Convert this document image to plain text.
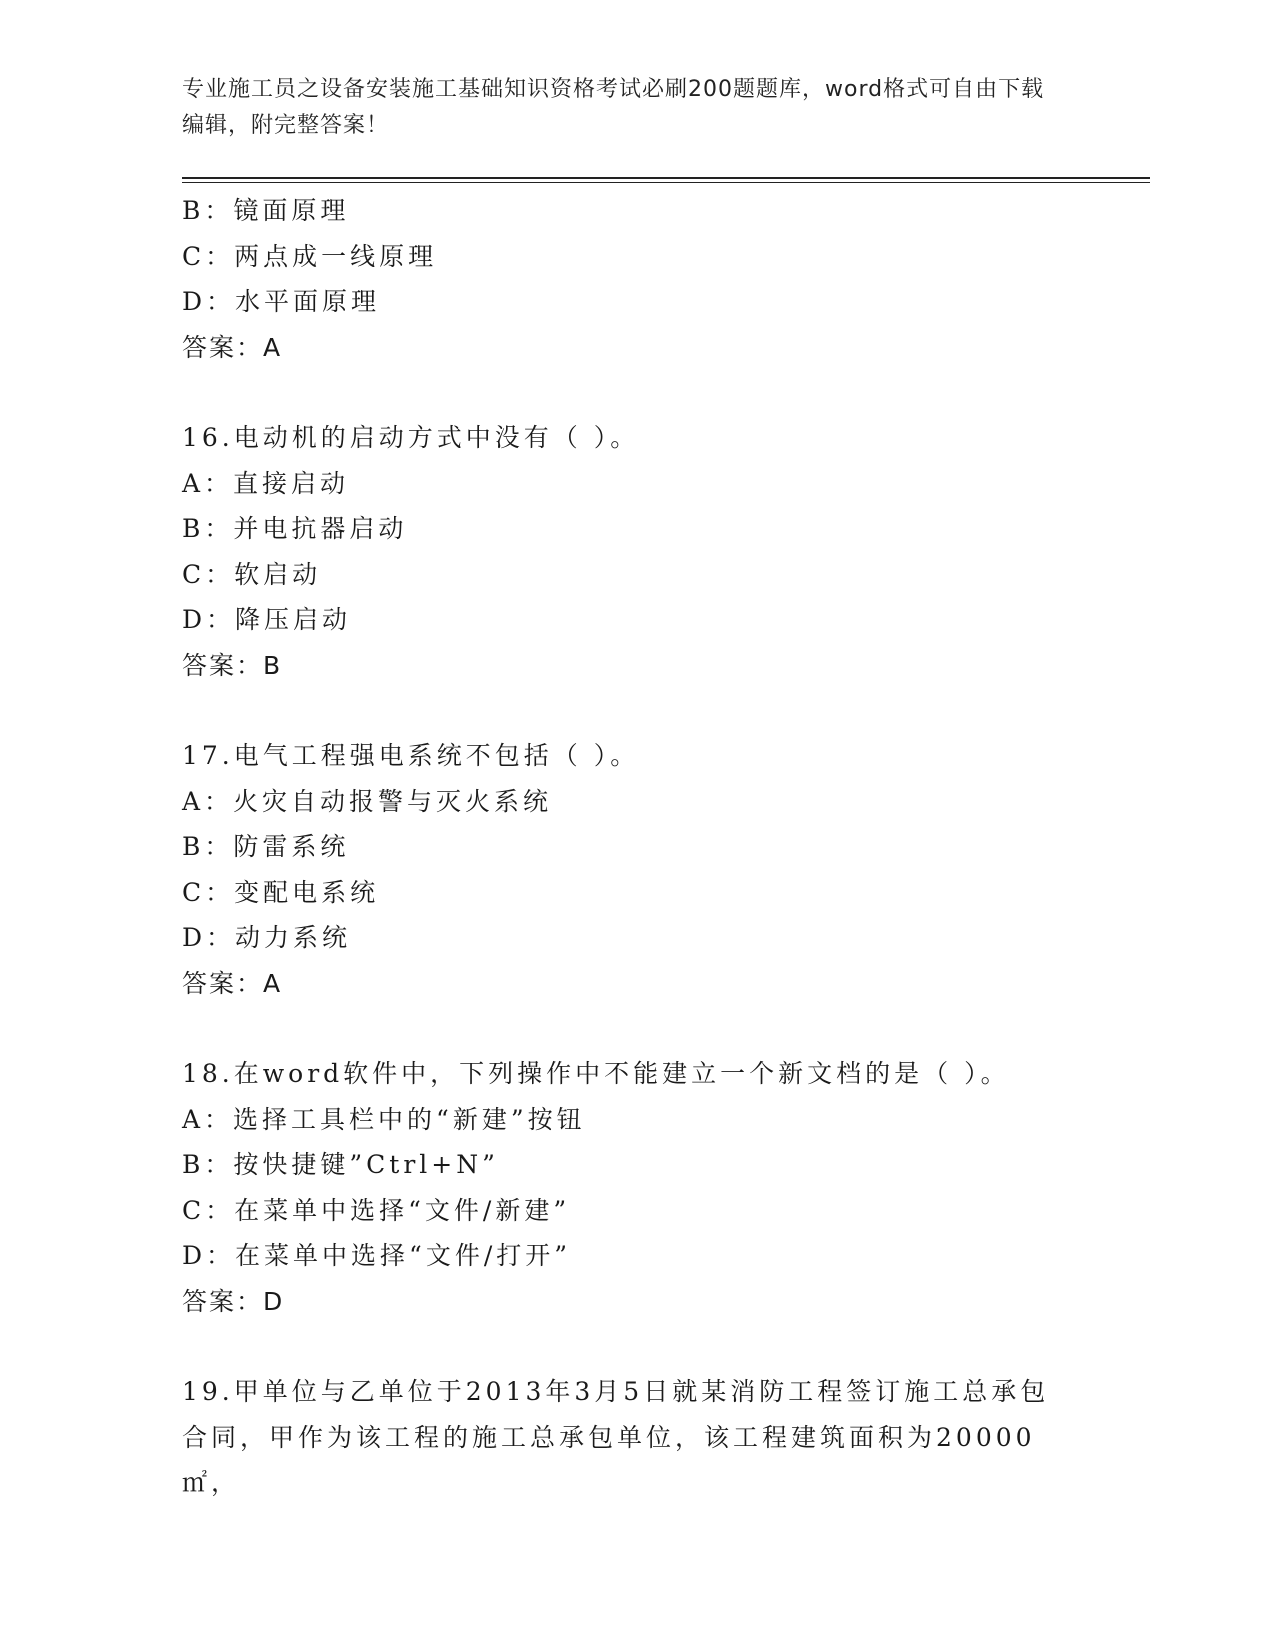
专业施工员之设备安装施工基础知识资格考试必刷200题题库，word格式可自由下载编辑，附完整答案！
B：镜面原理
C：两点成一线原理
D：水平面原理
答案：A
16.电动机的启动方式中没有（ ）。
A：直接启动
B：并电抗器启动
C：软启动
D：降压启动
答案：B
17.电气工程强电系统不包括（ ）。
A：火灾自动报警与灭火系统
B：防雷系统
C：变配电系统
D：动力系统
答案：A
18.在word软件中，下列操作中不能建立一个新文档的是（ ）。
A：选择工具栏中的“新建”按钮
B：按快捷键”Ctrl+N”
C：在菜单中选择“文件/新建”
D：在菜单中选择“文件/打开”
答案：D
19.甲单位与乙单位于2013年3月5日就某消防工程签订施工总承包合同，甲作为该工程的施工总承包单位，该工程建筑面积为20000㎡，
